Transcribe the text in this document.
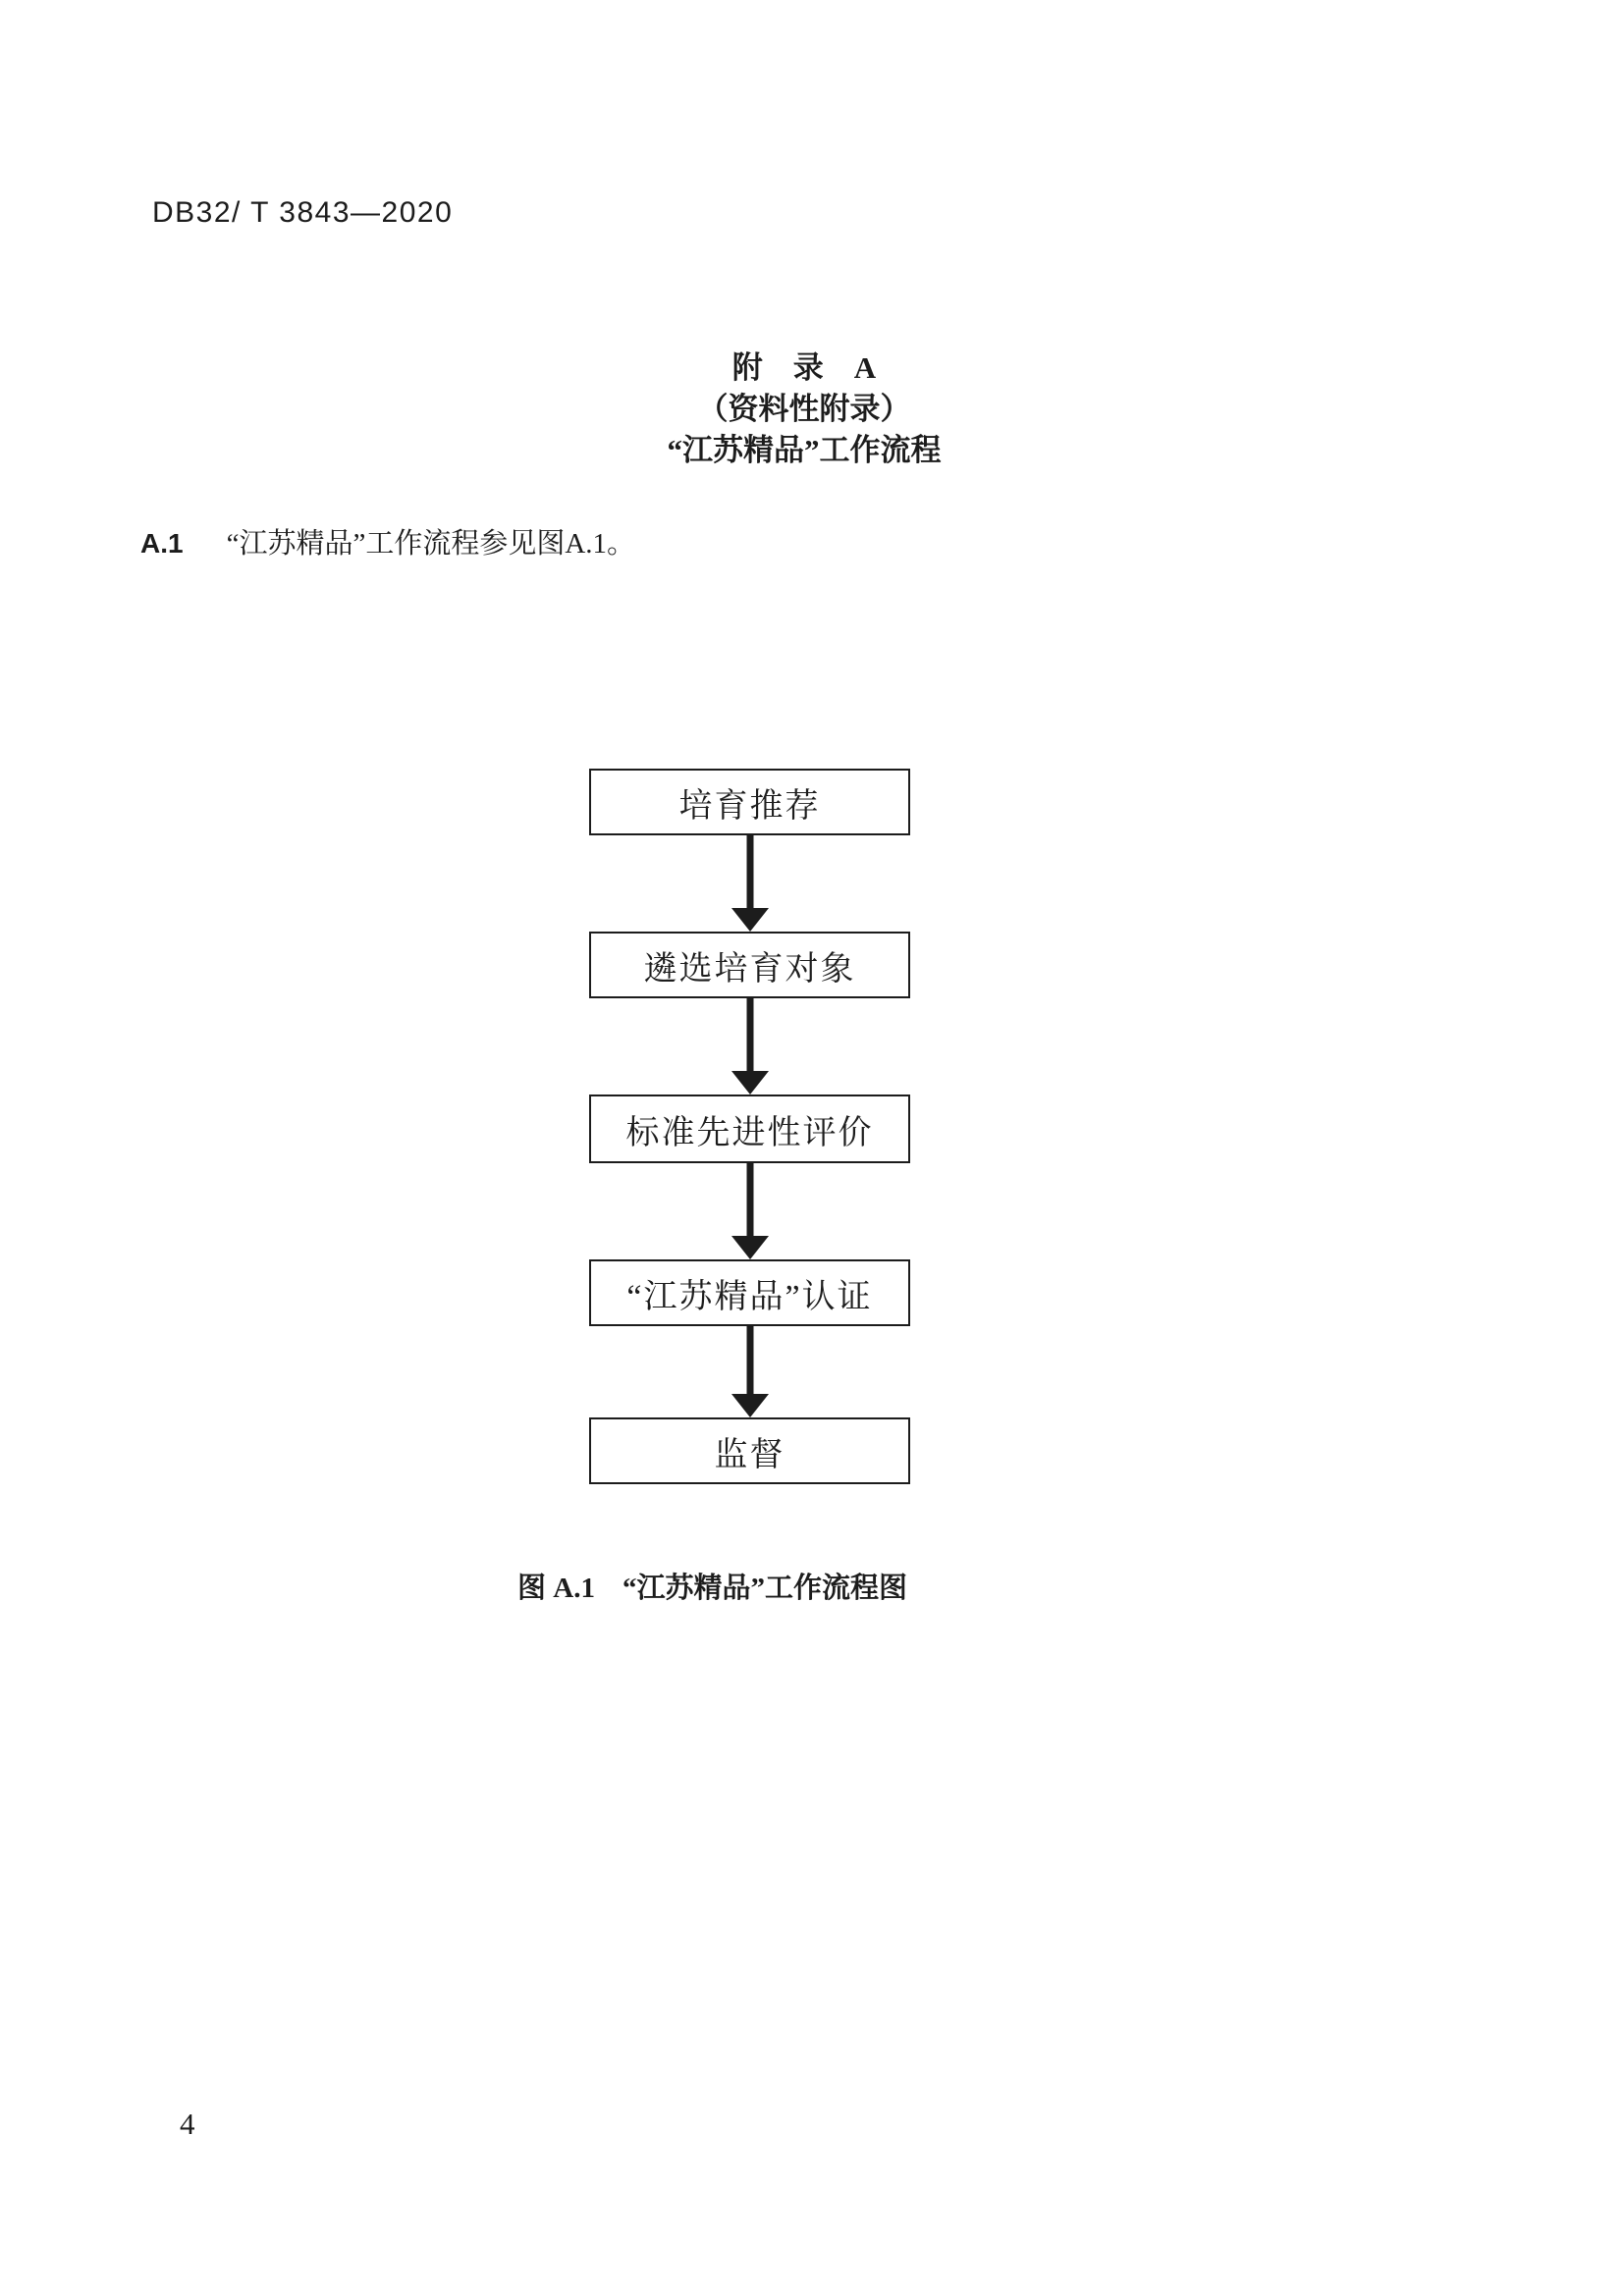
DB32/ T 3843—2020
附　录　A
（资料性附录）
“江苏精品”工作流程
A.1 “江苏精品”工作流程参见图A.1。
培育推荐
遴选培育对象
标准先进性评价
“江苏精品”认证
监督
图 A.1 “江苏精品”工作流程图
4
